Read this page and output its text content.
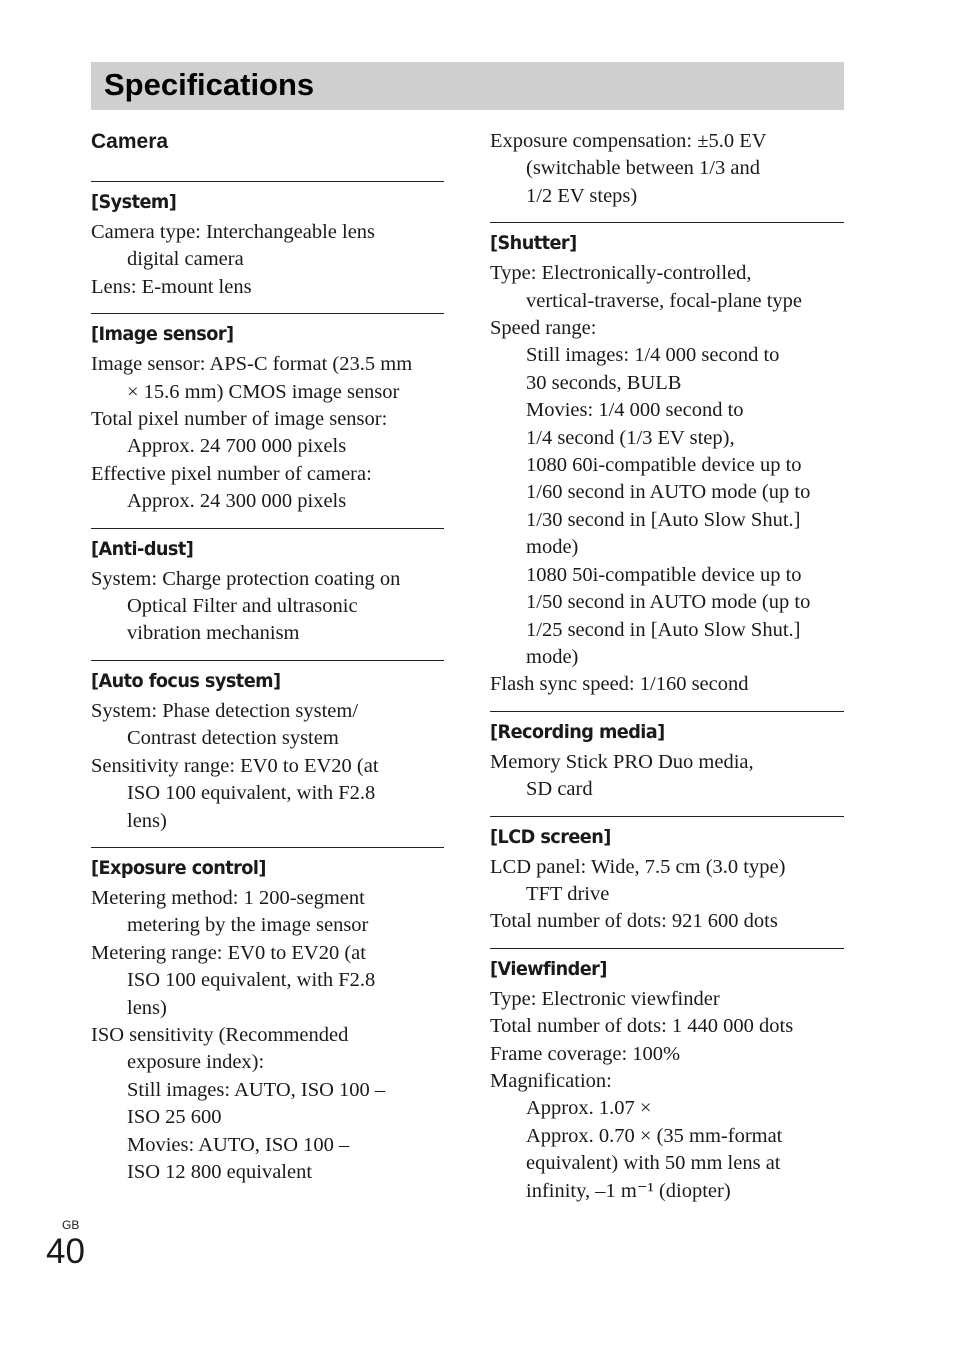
Specifications
Camera
[System]
Camera type: Interchangeable lens
digital camera
Lens: E-mount lens
[Image sensor]
Image sensor: APS-C format (23.5 mm
× 15.6 mm) CMOS image sensor
Total pixel number of image sensor:
Approx. 24 700 000 pixels
Effective pixel number of camera:
Approx. 24 300 000 pixels
[Anti-dust]
System: Charge protection coating on
Optical Filter and ultrasonic
vibration mechanism
[Auto focus system]
System: Phase detection system/
Contrast detection system
Sensitivity range: EV0 to EV20 (at
ISO 100 equivalent, with F2.8
lens)
[Exposure control]
Metering method: 1 200-segment
metering by the image sensor
Metering range: EV0 to EV20 (at
ISO 100 equivalent, with F2.8
lens)
ISO sensitivity (Recommended
exposure index):
Still images: AUTO, ISO 100 –
ISO 25 600
Movies: AUTO, ISO 100 –
ISO 12 800 equivalent
Exposure compensation: ±5.0 EV
(switchable between 1/3 and
1/2 EV steps)
[Shutter]
Type: Electronically-controlled,
vertical-traverse, focal-plane type
Speed range:
Still images: 1/4 000 second to
30 seconds, BULB
Movies: 1/4 000 second to
1/4 second (1/3 EV step),
1080 60i-compatible device up to
1/60 second in AUTO mode (up to
1/30 second in [Auto Slow Shut.]
mode)
1080 50i-compatible device up to
1/50 second in AUTO mode (up to
1/25 second in [Auto Slow Shut.]
mode)
Flash sync speed: 1/160 second
[Recording media]
Memory Stick PRO Duo media,
SD card
[LCD screen]
LCD panel: Wide, 7.5 cm (3.0 type)
TFT drive
Total number of dots: 921 600 dots
[Viewfinder]
Type: Electronic viewfinder
Total number of dots: 1 440 000 dots
Frame coverage: 100%
Magnification:
Approx. 1.07 ×
Approx. 0.70 × (35 mm-format
equivalent) with 50 mm lens at
infinity, –1 m⁻¹ (diopter)
GB
40
